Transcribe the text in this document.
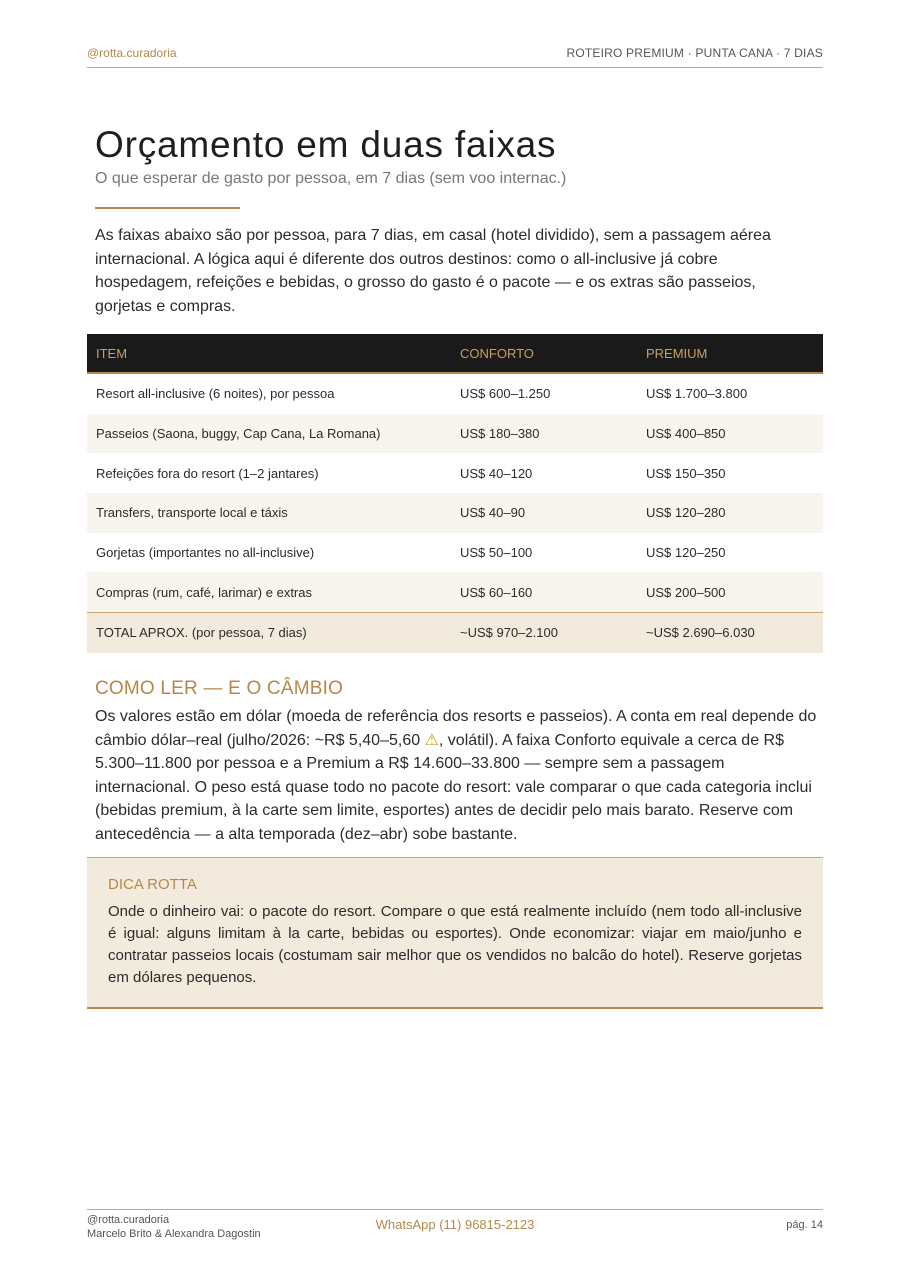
@rotta.curadoria	ROTEIRO PREMIUM · PUNTA CANA · 7 DIAS
Orçamento em duas faixas

O que esperar de gasto por pessoa, em 7 dias (sem voo internac.)

As faixas abaixo são por pessoa, para 7 dias, em casal (hotel dividido), sem a passagem aérea internacional. A lógica aqui é diferente dos outros destinos: como o all-inclusive já cobre hospedagem, refeições e bebidas, o grosso do gasto é o pacote — e os extras são passeios, gorjetas e compras.

ITEM	CONFORTO	PREMIUM
Resort all-inclusive (6 noites), por pessoa	US$ 600–1.250	US$ 1.700–3.800
Passeios (Saona, buggy, Cap Cana, La Romana)	US$ 180–380	US$ 400–850
Refeições fora do resort (1–2 jantares)	US$ 40–120	US$ 150–350
Transfers, transporte local e táxis	US$ 40–90	US$ 120–280
Gorjetas (importantes no all-inclusive)	US$ 50–100	US$ 120–250
Compras (rum, café, larimar) e extras	US$ 60–160	US$ 200–500
TOTAL APROX. (por pessoa, 7 dias)	~US$ 970–2.100	~US$ 2.690–6.030
COMO LER — E O CÂMBIO

Os valores estão em dólar (moeda de referência dos resorts e passeios). A conta em real depende do câmbio dólar–real (julho/2026: ~R$ 5,40–5,60 ⚠, volátil). A faixa Conforto equivale a cerca de R$ 5.300–11.800 por pessoa e a Premium a R$ 14.600–33.800 — sempre sem a passagem internacional. O peso está quase todo no pacote do resort: vale comparar o que cada categoria inclui (bebidas premium, à la carte sem limite, esportes) antes de decidir pelo mais barato. Reserve com antecedência — a alta temporada (dez–abr) sobe bastante.

DICA ROTTA

Onde o dinheiro vai: o pacote do resort. Compare o que está realmente incluído (nem todo all-inclusive é igual: alguns limitam à la carte, bebidas ou esportes). Onde economizar: viajar em maio/junho e contratar passeios locais (costumam sair melhor que os vendidos no balcão do hotel). Reserve gorjetas em dólares pequenos.

@rotta.curadoria
Marcelo Brito & Alexandra Dagostin
WhatsApp (11) 96815-2123	pág. 14
